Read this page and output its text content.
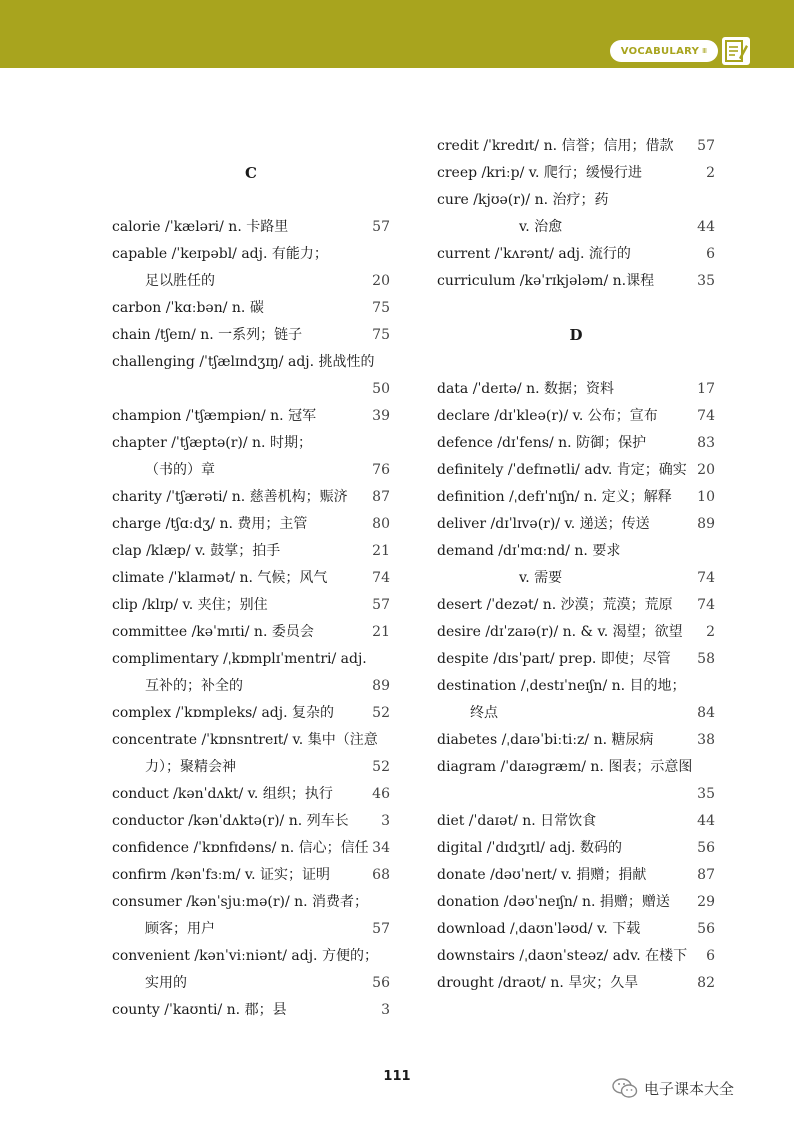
VOCABULARY Ⅲ
C
calorie /ˈkæləri/ n. 卡路里	57
capable /ˈkeɪpəbl/ adj. 有能力；
足以胜任的	20
carbon /ˈkɑːbən/ n. 碳	75
chain /tʃeɪn/ n. 一系列；链子	75
challenging /ˈtʃælɪndʒɪŋ/ adj. 挑战性的
50
champion /ˈtʃæmpiən/ n. 冠军	39
chapter /ˈtʃæptə(r)/ n. 时期；
（书的）章	76
charity /ˈtʃærəti/ n. 慈善机构；赈济 87
charge /tʃɑːdʒ/ n. 费用；主管	80
clap /klæp/ v. 鼓掌；拍手	21
climate /ˈklaɪmət/ n. 气候；风气	74
clip /klɪp/ v. 夹住；别住	57
committee /kəˈmɪti/ n. 委员会	21
complimentary /ˌkɒmplɪˈmentri/ adj.
互补的；补全的	89
complex /ˈkɒmpleks/ adj. 复杂的	52
concentrate /ˈkɒnsntreɪt/ v. 集中（注意
力）；聚精会神	52
conduct /kənˈdʌkt/ v. 组织；执行	46
conductor /kənˈdʌktə(r)/ n. 列车长 3
confidence /ˈkɒnfɪdəns/ n. 信心；信任 34
confirm /kənˈfɜːm/ v. 证实；证明	68
consumer /kənˈsjuːmə(r)/ n. 消费者；
顾客；用户	57
convenient /kənˈviːniənt/ adj. 方便的；
实用的	56
county /ˈkaʊnti/ n. 郡；县	3
credit /ˈkredɪt/ n. 信誉；信用；借款 57
creep /kriːp/ v. 爬行；缓慢行进	2
cure /kjʊə(r)/ n. 治疗；药
v. 治愈	44
current /ˈkʌrənt/ adj. 流行的	6
curriculum /kəˈrɪkjələm/ n.课程	35
D
data /ˈdeɪtə/ n. 数据；资料	17
declare /dɪˈkleə(r)/ v. 公布；宣布	74
defence /dɪˈfens/ n. 防御；保护	83
definitely /ˈdefɪnətli/ adv. 肯定；确实 20
definition /ˌdefɪˈnɪʃn/ n. 定义；解释 10
deliver /dɪˈlɪvə(r)/ v. 递送；传送	89
demand /dɪˈmɑːnd/ n. 要求
v. 需要	74
desert /ˈdezət/ n. 沙漠；荒漠；荒原 74
desire /dɪˈzaɪə(r)/ n. & v. 渴望；欲望 2
despite /dɪsˈpaɪt/ prep. 即使；尽管 58
destination /ˌdestɪˈneɪʃn/ n. 目的地；
终点	84
diabetes /ˌdaɪəˈbiːtiːz/ n. 糖尿病	38
diagram /ˈdaɪəgræm/ n. 图表；示意图
35
diet /ˈdaɪət/ n. 日常饮食	44
digital /ˈdɪdʒɪtl/ adj. 数码的	56
donate /dəʊˈneɪt/ v. 捐赠；捐献	87
donation /dəʊˈneɪʃn/ n. 捐赠；赠送 29
download /ˌdaʊnˈləʊd/ v. 下载	56
downstairs /ˌdaʊnˈsteəz/ adv. 在楼下 6
drought /draʊt/ n. 旱灾；久旱	82
111
电子课本大全
